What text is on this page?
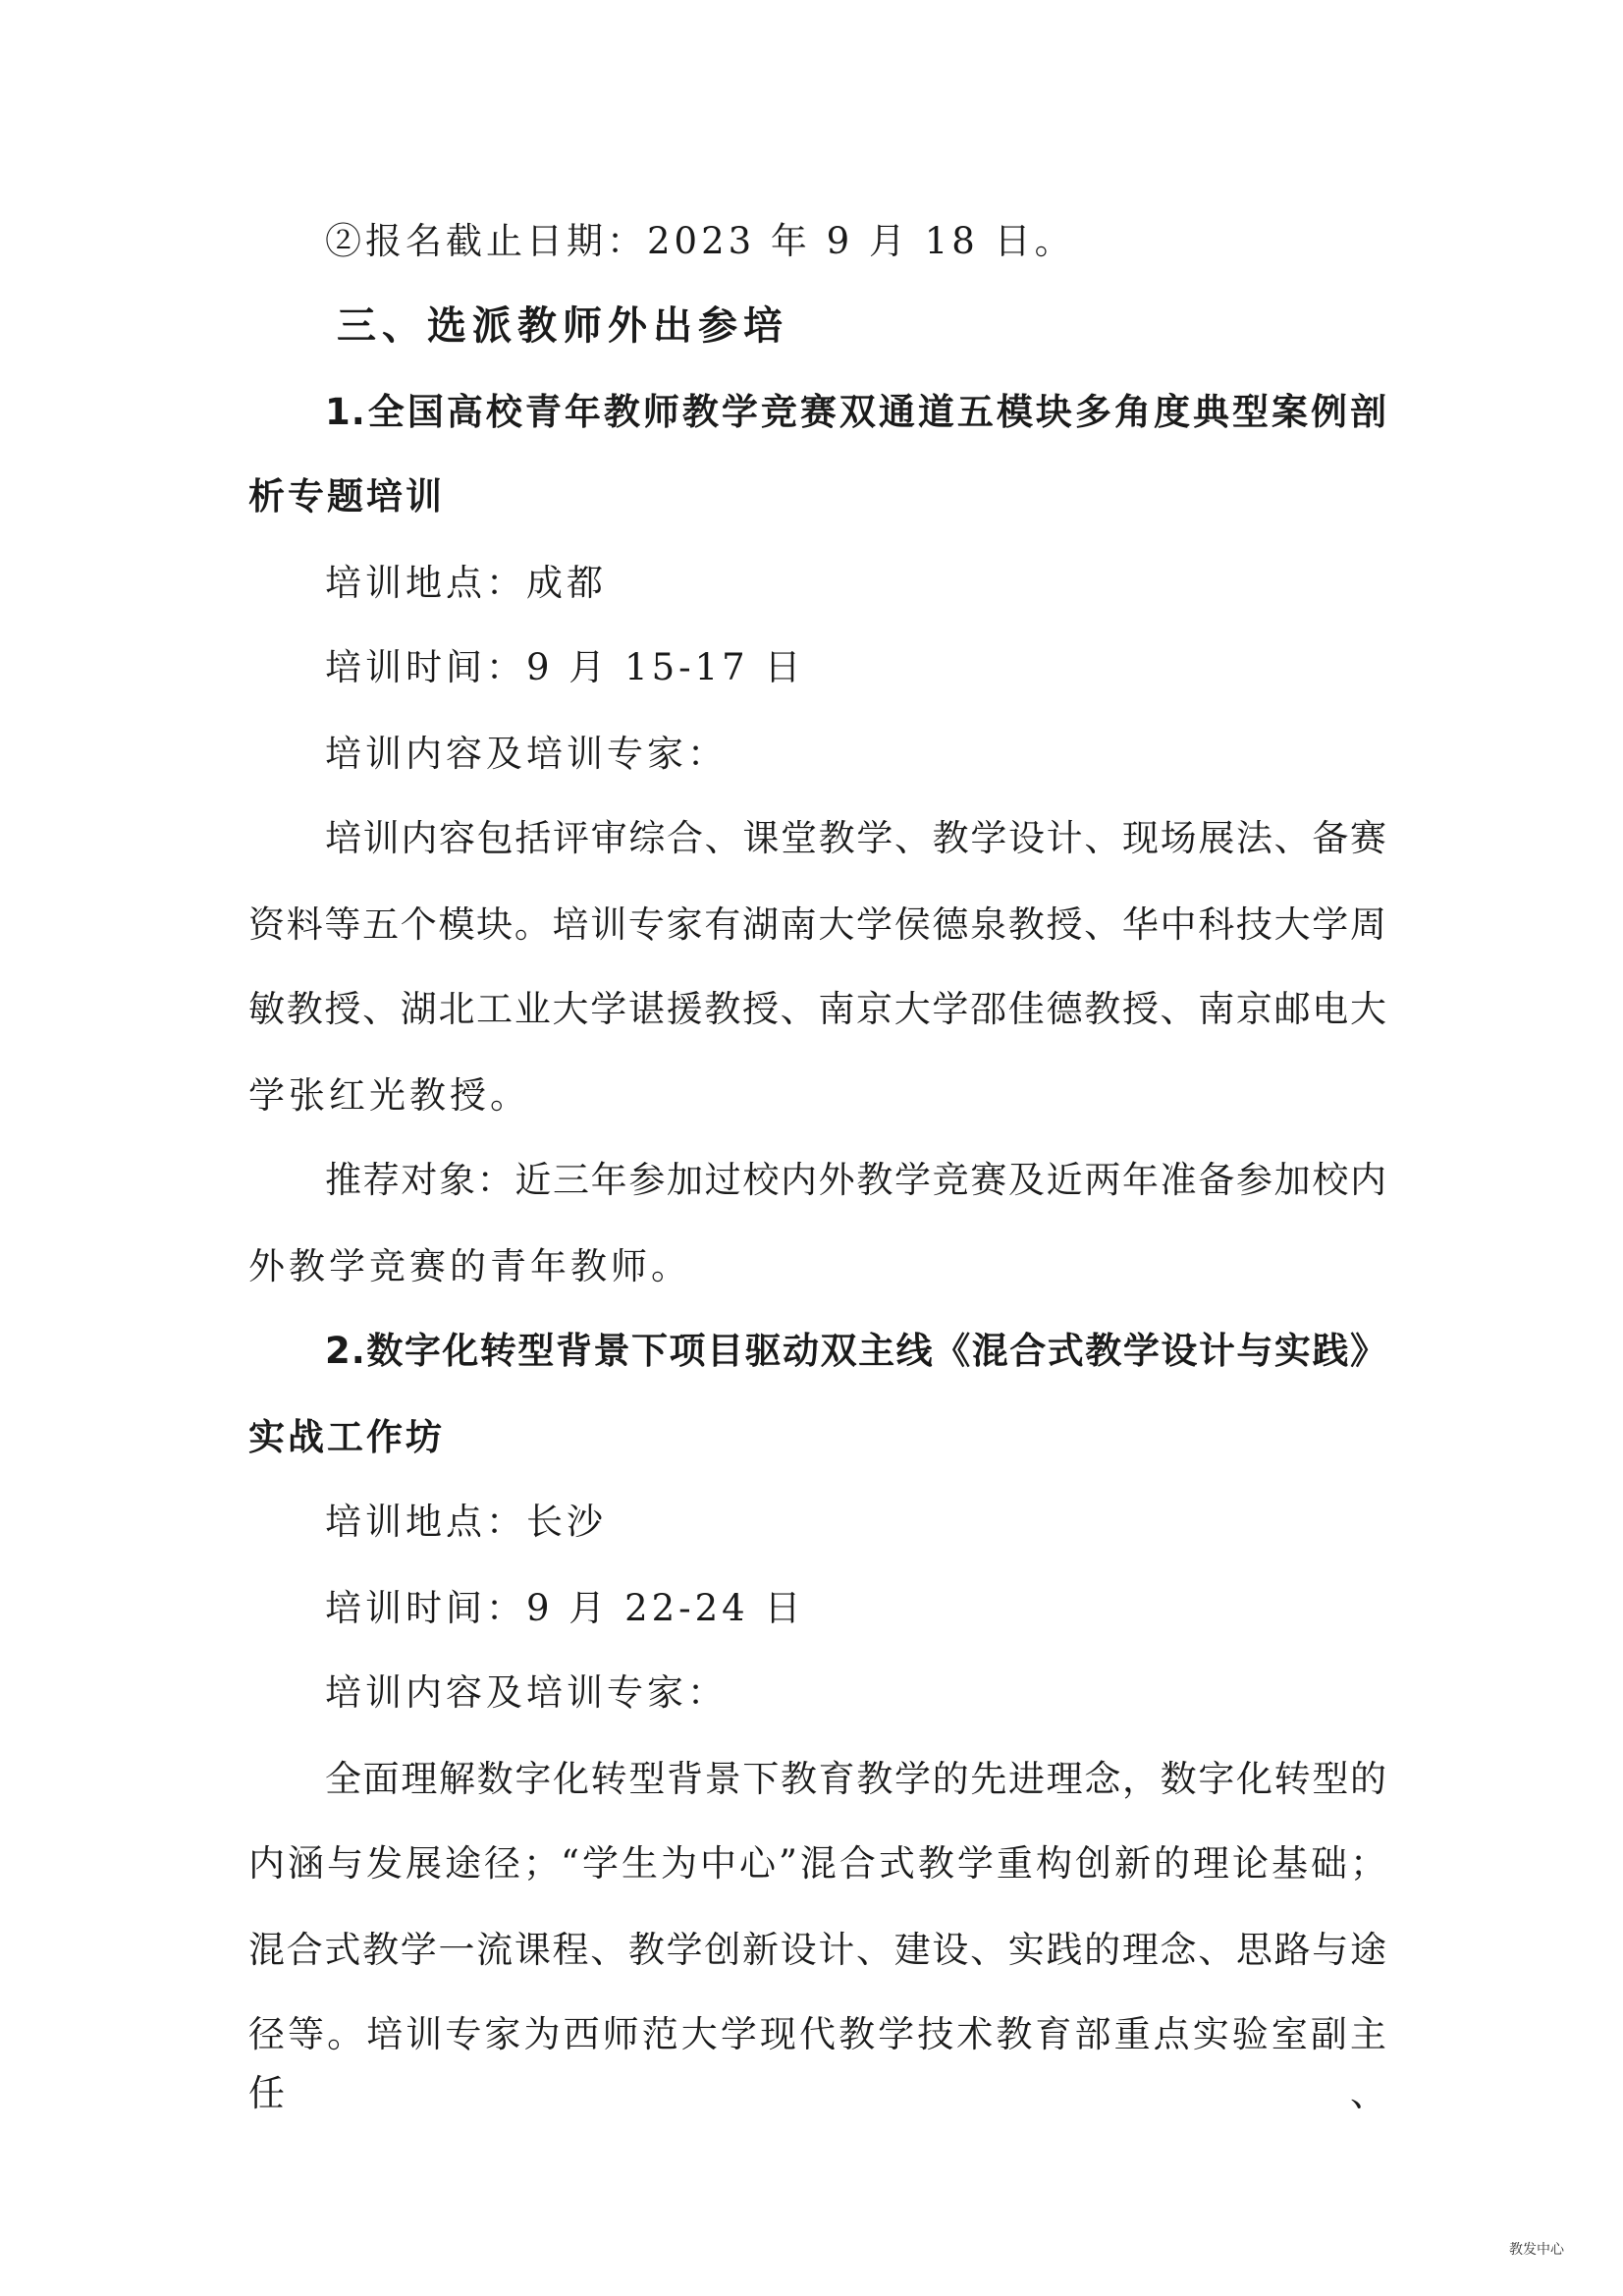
②报名截止日期：2023 年 9 月 18 日。
三、选派教师外出参培
1.全国高校青年教师教学竞赛双通道五模块多角度典型案例剖
析专题培训
培训地点：成都
培训时间：9 月 15-17 日
培训内容及培训专家：
培训内容包括评审综合、课堂教学、教学设计、现场展法、备赛
资料等五个模块。培训专家有湖南大学侯德泉教授、华中科技大学周
敏教授、湖北工业大学谌援教授、南京大学邵佳德教授、南京邮电大
学张红光教授。
推荐对象：近三年参加过校内外教学竞赛及近两年准备参加校内
外教学竞赛的青年教师。
2.数字化转型背景下项目驱动双主线《混合式教学设计与实践》
实战工作坊
培训地点：长沙
培训时间：9 月 22-24 日
培训内容及培训专家：
全面理解数字化转型背景下教育教学的先进理念，数字化转型的
内涵与发展途径；“学生为中心”混合式教学重构创新的理论基础；
混合式教学一流课程、教学创新设计、建设、实践的理念、思路与途
径等。培训专家为西师范大学现代教学技术教育部重点实验室副主任、
教发中心
